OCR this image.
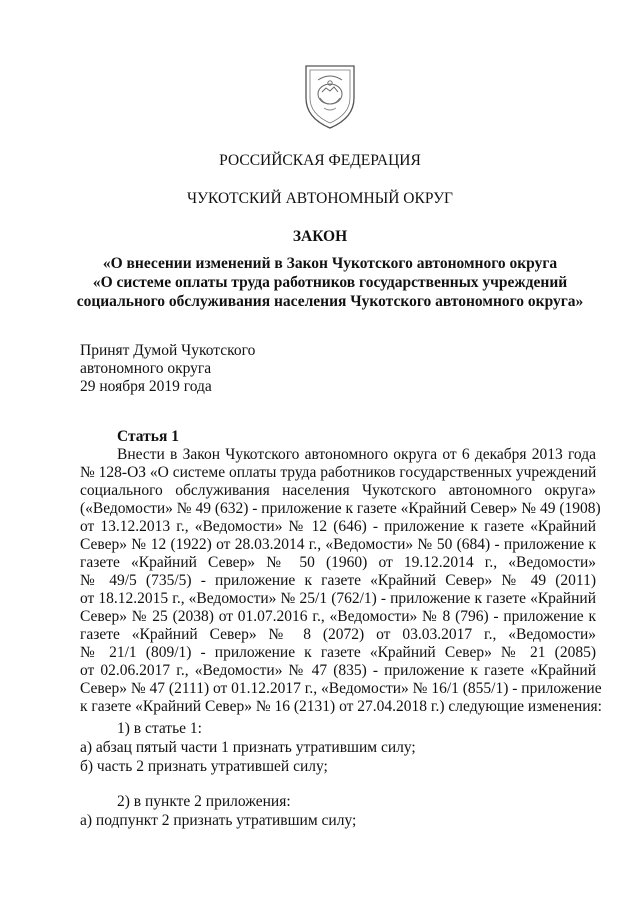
РОССИЙСКАЯ ФЕДЕРАЦИЯ
ЧУКОТСКИЙ АВТОНОМНЫЙ ОКРУГ
ЗАКОН
«О внесении изменений в Закон Чукотского автономного округа
«О системе оплаты труда работников государственных учреждений
социального обслуживания населения Чукотского автономного округа»
Принят Думой Чукотского
автономного округа
29 ноября 2019 года
Статья 1
Внести в Закон Чукотского автономного округа от 6 декабря 2013 года
№ 128-ОЗ «О системе оплаты труда работников государственных учреждений
социального обслуживания населения Чукотского автономного округа»
(«Ведомости» № 49 (632) - приложение к газете «Крайний Север» № 49 (1908)
от 13.12.2013 г., «Ведомости» № 12 (646) - приложение к газете «Крайний
Север» № 12 (1922) от 28.03.2014 г., «Ведомости» № 50 (684) - приложение к
газете «Крайний Север» № 50 (1960) от 19.12.2014 г., «Ведомости»
№ 49/5 (735/5) - приложение к газете «Крайний Север» № 49 (2011)
от 18.12.2015 г., «Ведомости» № 25/1 (762/1) - приложение к газете «Крайний
Север» № 25 (2038) от 01.07.2016 г., «Ведомости» № 8 (796) - приложение к
газете «Крайний Север» № 8 (2072) от 03.03.2017 г., «Ведомости»
№ 21/1 (809/1) - приложение к газете «Крайний Север» № 21 (2085)
от 02.06.2017 г., «Ведомости» № 47 (835) - приложение к газете «Крайний
Север» № 47 (2111) от 01.12.2017 г., «Ведомости» № 16/1 (855/1) - приложение
к газете «Крайний Север» № 16 (2131) от 27.04.2018 г.) следующие изменения:
1) в статье 1:
а) абзац пятый части 1 признать утратившим силу;
б) часть 2 признать утратившей силу;
2) в пункте 2 приложения:
а) подпункт 2 признать утратившим силу;
